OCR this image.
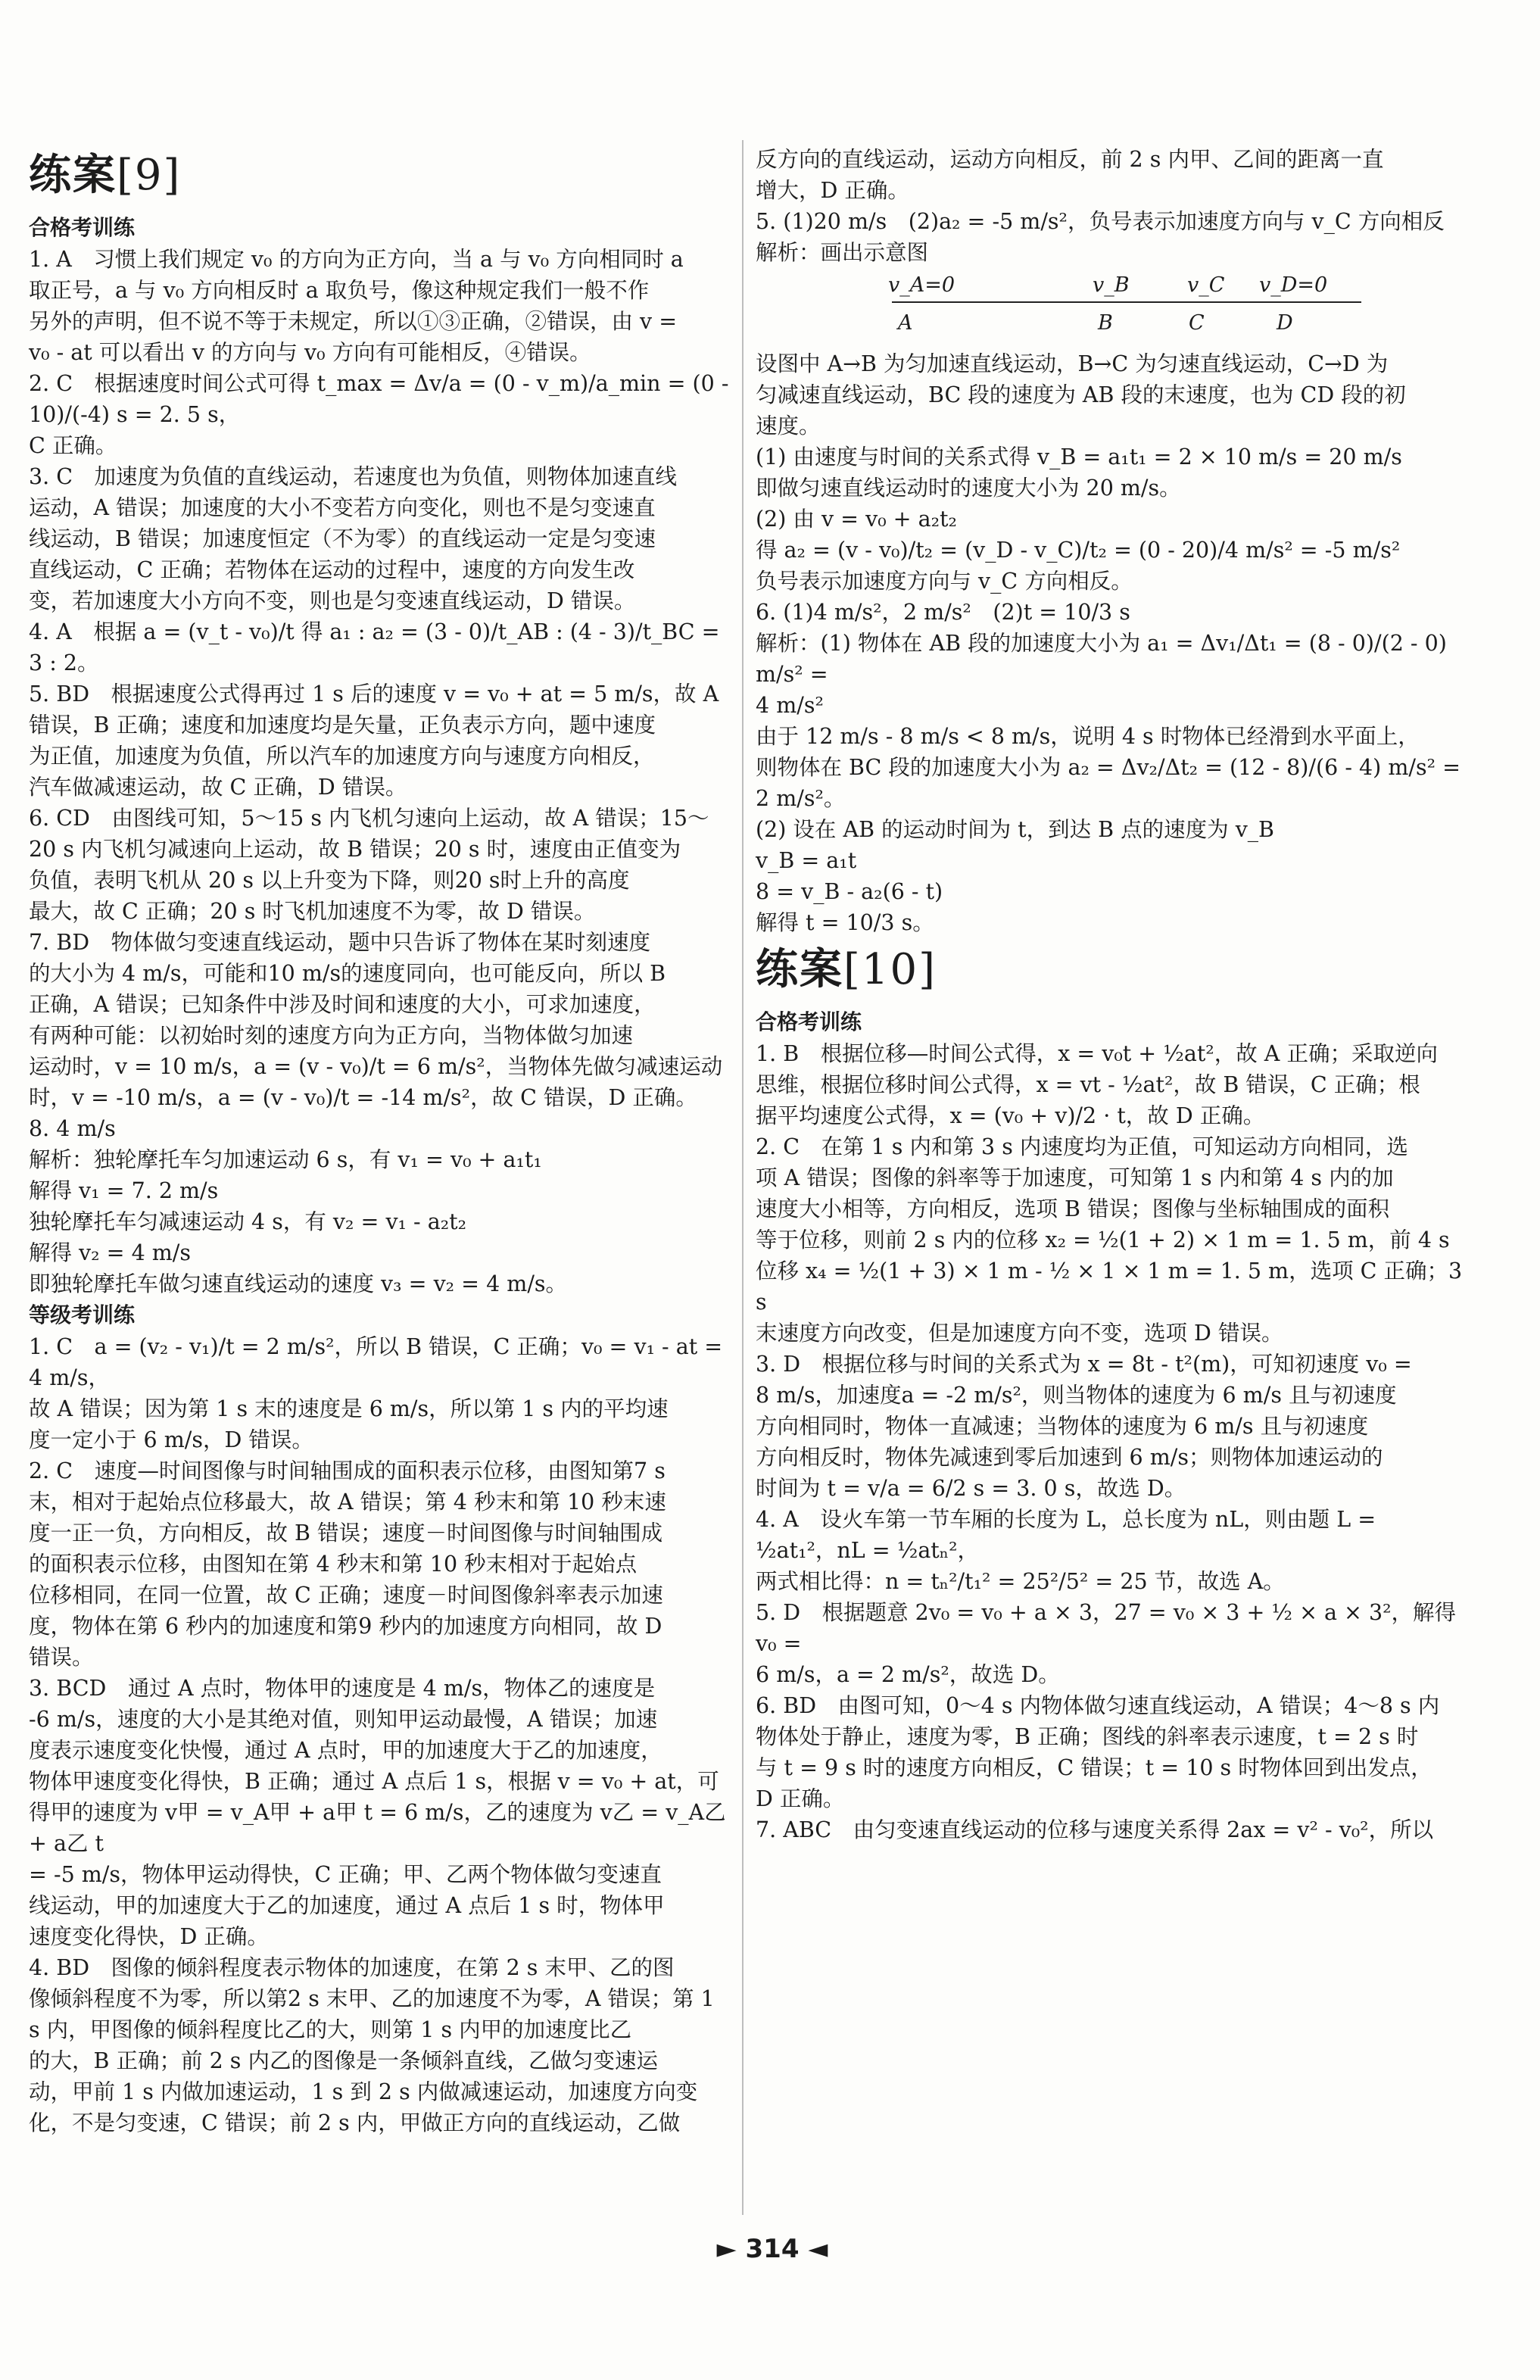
练案[9]
合格考训练
1. A　习惯上我们规定 v₀ 的方向为正方向，当 a 与 v₀ 方向相同时 a
取正号，a 与 v₀ 方向相反时 a 取负号，像这种规定我们一般不作
另外的声明，但不说不等于未规定，所以①③正确，②错误，由 v =
v₀ - at 可以看出 v 的方向与 v₀ 方向有可能相反，④错误。
2. C　根据速度时间公式可得 t_max = Δv/a = (0 - v_m)/a_min = (0 - 10)/(-4) s = 2. 5 s，
C 正确。
3. C　加速度为负值的直线运动，若速度也为负值，则物体加速直线
运动，A 错误；加速度的大小不变若方向变化，则也不是匀变速直
线运动，B 错误；加速度恒定（不为零）的直线运动一定是匀变速
直线运动，C 正确；若物体在运动的过程中，速度的方向发生改
变，若加速度大小方向不变，则也是匀变速直线运动，D 错误。
4. A　根据 a = (v_t - v₀)/t 得 a₁ : a₂ = (3 - 0)/t_AB : (4 - 3)/t_BC = 3 : 2。
5. BD　根据速度公式得再过 1 s 后的速度 v = v₀ + at = 5 m/s，故 A
错误，B 正确；速度和加速度均是矢量，正负表示方向，题中速度
为正值，加速度为负值，所以汽车的加速度方向与速度方向相反，
汽车做减速运动，故 C 正确，D 错误。
6. CD　由图线可知，5～15 s 内飞机匀速向上运动，故 A 错误；15～
20 s 内飞机匀减速向上运动，故 B 错误；20 s 时，速度由正值变为
负值，表明飞机从 20 s 以上升变为下降，则20 s时上升的高度
最大，故 C 正确；20 s 时飞机加速度不为零，故 D 错误。
7. BD　物体做匀变速直线运动，题中只告诉了物体在某时刻速度
的大小为 4 m/s，可能和10 m/s的速度同向，也可能反向，所以 B
正确，A 错误；已知条件中涉及时间和速度的大小，可求加速度，
有两种可能：以初始时刻的速度方向为正方向，当物体做匀加速
运动时，v = 10 m/s，a = (v - v₀)/t = 6 m/s²，当物体先做匀减速运动
时，v = -10 m/s，a = (v - v₀)/t = -14 m/s²，故 C 错误，D 正确。
8. 4 m/s
解析：独轮摩托车匀加速运动 6 s，有 v₁ = v₀ + a₁t₁
解得 v₁ = 7. 2 m/s
独轮摩托车匀减速运动 4 s，有 v₂ = v₁ - a₂t₂
解得 v₂ = 4 m/s
即独轮摩托车做匀速直线运动的速度 v₃ = v₂ = 4 m/s。
等级考训练
1. C　a = (v₂ - v₁)/t = 2 m/s²，所以 B 错误，C 正确；v₀ = v₁ - at = 4 m/s，
故 A 错误；因为第 1 s 末的速度是 6 m/s，所以第 1 s 内的平均速
度一定小于 6 m/s，D 错误。
2. C　速度—时间图像与时间轴围成的面积表示位移，由图知第7 s
末，相对于起始点位移最大，故 A 错误；第 4 秒末和第 10 秒末速
度一正一负，方向相反，故 B 错误；速度－时间图像与时间轴围成
的面积表示位移，由图知在第 4 秒末和第 10 秒末相对于起始点
位移相同，在同一位置，故 C 正确；速度－时间图像斜率表示加速
度，物体在第 6 秒内的加速度和第9 秒内的加速度方向相同，故 D
错误。
3. BCD　通过 A 点时，物体甲的速度是 4 m/s，物体乙的速度是
-6 m/s，速度的大小是其绝对值，则知甲运动最慢，A 错误；加速
度表示速度变化快慢，通过 A 点时，甲的加速度大于乙的加速度，
物体甲速度变化得快，B 正确；通过 A 点后 1 s，根据 v = v₀ + at，可
得甲的速度为 v甲 = v_A甲 + a甲 t = 6 m/s，乙的速度为 v乙 = v_A乙 + a乙 t
= -5 m/s，物体甲运动得快，C 正确；甲、乙两个物体做匀变速直
线运动，甲的加速度大于乙的加速度，通过 A 点后 1 s 时，物体甲
速度变化得快，D 正确。
4. BD　图像的倾斜程度表示物体的加速度，在第 2 s 末甲、乙的图
像倾斜程度不为零，所以第2 s 末甲、乙的加速度不为零，A 错误；第 1
s 内，甲图像的倾斜程度比乙的大，则第 1 s 内甲的加速度比乙
的大，B 正确；前 2 s 内乙的图像是一条倾斜直线，乙做匀变速运
动，甲前 1 s 内做加速运动，1 s 到 2 s 内做减速运动，加速度方向变
化，不是匀变速，C 错误；前 2 s 内，甲做正方向的直线运动，乙做
反方向的直线运动，运动方向相反，前 2 s 内甲、乙间的距离一直
增大，D 正确。
5. (1)20 m/s　(2)a₂ = -5 m/s²，负号表示加速度方向与 v_C 方向相反
解析：画出示意图
v_A=0	v_B	v_C v_D=0
A	B	C	D
设图中 A→B 为匀加速直线运动，B→C 为匀速直线运动，C→D 为
匀减速直线运动，BC 段的速度为 AB 段的末速度，也为 CD 段的初
速度。
(1) 由速度与时间的关系式得 v_B = a₁t₁ = 2 × 10 m/s = 20 m/s
即做匀速直线运动时的速度大小为 20 m/s。
(2) 由 v = v₀ + a₂t₂
得 a₂ = (v - v₀)/t₂ = (v_D - v_C)/t₂ = (0 - 20)/4 m/s² = -5 m/s²
负号表示加速度方向与 v_C 方向相反。
6. (1)4 m/s²，2 m/s²　(2)t = 10/3 s
解析：(1) 物体在 AB 段的加速度大小为 a₁ = Δv₁/Δt₁ = (8 - 0)/(2 - 0) m/s² =
4 m/s²
由于 12 m/s - 8 m/s < 8 m/s，说明 4 s 时物体已经滑到水平面上，
则物体在 BC 段的加速度大小为 a₂ = Δv₂/Δt₂ = (12 - 8)/(6 - 4) m/s² = 2 m/s²。
(2) 设在 AB 的运动时间为 t，到达 B 点的速度为 v_B
v_B = a₁t
8 = v_B - a₂(6 - t)
解得 t = 10/3 s。
练案[10]
合格考训练
1. B　根据位移—时间公式得，x = v₀t + ½at²，故 A 正确；采取逆向
思维，根据位移时间公式得，x = vt - ½at²，故 B 错误，C 正确；根
据平均速度公式得，x = (v₀ + v)/2 · t，故 D 正确。
2. C　在第 1 s 内和第 3 s 内速度均为正值，可知运动方向相同，选
项 A 错误；图像的斜率等于加速度，可知第 1 s 内和第 4 s 内的加
速度大小相等，方向相反，选项 B 错误；图像与坐标轴围成的面积
等于位移，则前 2 s 内的位移 x₂ = ½(1 + 2) × 1 m = 1. 5 m，前 4 s
位移 x₄ = ½(1 + 3) × 1 m - ½ × 1 × 1 m = 1. 5 m，选项 C 正确；3 s
末速度方向改变，但是加速度方向不变，选项 D 错误。
3. D　根据位移与时间的关系式为 x = 8t - t²(m)，可知初速度 v₀ =
8 m/s，加速度a = -2 m/s²，则当物体的速度为 6 m/s 且与初速度
方向相同时，物体一直减速；当物体的速度为 6 m/s 且与初速度
方向相反时，物体先减速到零后加速到 6 m/s；则物体加速运动的
时间为 t = v/a = 6/2 s = 3. 0 s，故选 D。
4. A　设火车第一节车厢的长度为 L，总长度为 nL，则由题 L =
½at₁²，nL = ½atₙ²，
两式相比得：n = tₙ²/t₁² = 25²/5² = 25 节，故选 A。
5. D　根据题意 2v₀ = v₀ + a × 3，27 = v₀ × 3 + ½ × a × 3²，解得 v₀ =
6 m/s，a = 2 m/s²，故选 D。
6. BD　由图可知，0～4 s 内物体做匀速直线运动，A 错误；4～8 s 内
物体处于静止，速度为零，B 正确；图线的斜率表示速度，t = 2 s 时
与 t = 9 s 时的速度方向相反，C 错误；t = 10 s 时物体回到出发点，
D 正确。
7. ABC　由匀变速直线运动的位移与速度关系得 2ax = v² - v₀²，所以
► 314 ◄
